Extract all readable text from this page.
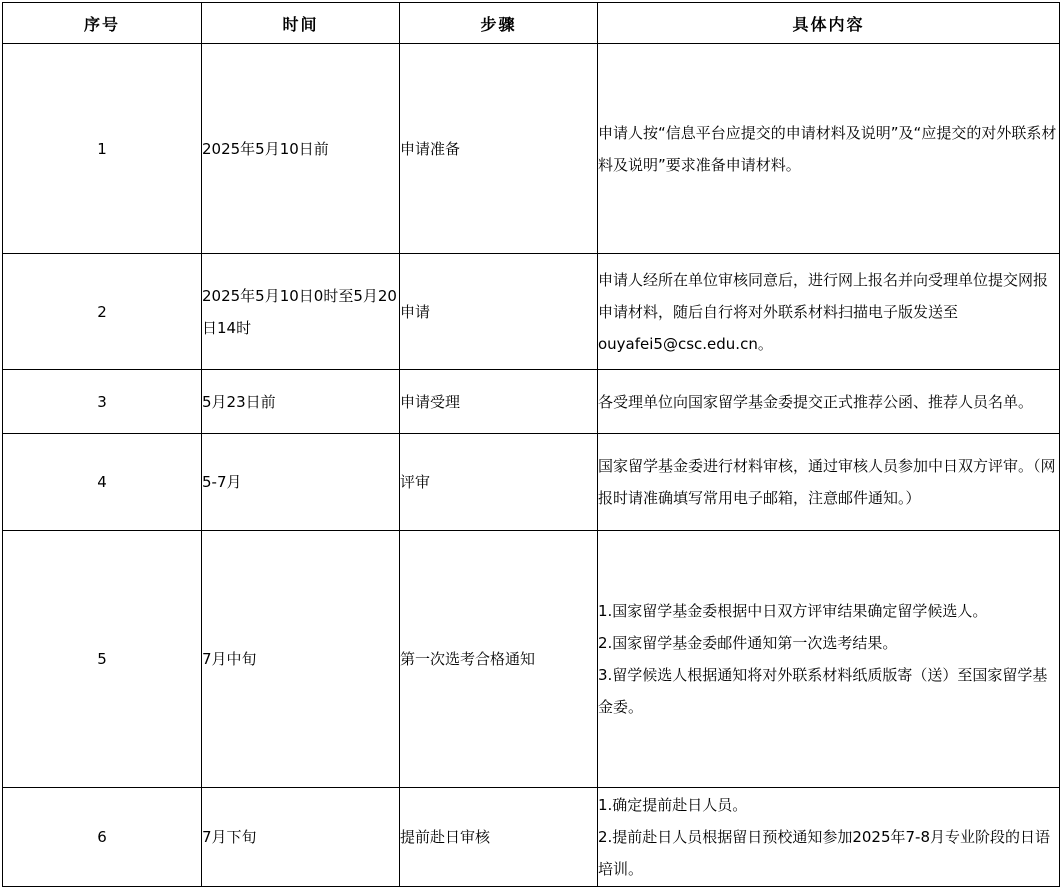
序号	时间	步骤	具体内容
1	2025年5月10日前	申请准备	申请人按“信息平台应提交的申请材料及说明”及“应提交的对外联系材料及说明”要求准备申请材料。

2	2025年5月10日0时至5月20日14时	申请	申请人经所在单位审核同意后，进行网上报名并向受理单位提交网报申请材料，随后自行将对外联系材料扫描电子版发送至ouyafei5@csc.edu.cn。

3	5月23日前	申请受理	各受理单位向国家留学基金委提交正式推荐公函、推荐人员名单。

4	5-7月	评审	国家留学基金委进行材料审核，通过审核人员参加中日双方评审。（网报时请准确填写常用电子邮箱，注意邮件通知。）

5	7月中旬	第一次选考合格通知	1.国家留学基金委根据中日双方评审结果确定留学候选人。
2.国家留学基金委邮件通知第一次选考结果。
3.留学候选人根据通知将对外联系材料纸质版寄（送）至国家留学基金委。

6	7月下旬	提前赴日审核	1.确定提前赴日人员。
2.提前赴日人员根据留日预校通知参加2025年7-8月专业阶段的日语培训。
